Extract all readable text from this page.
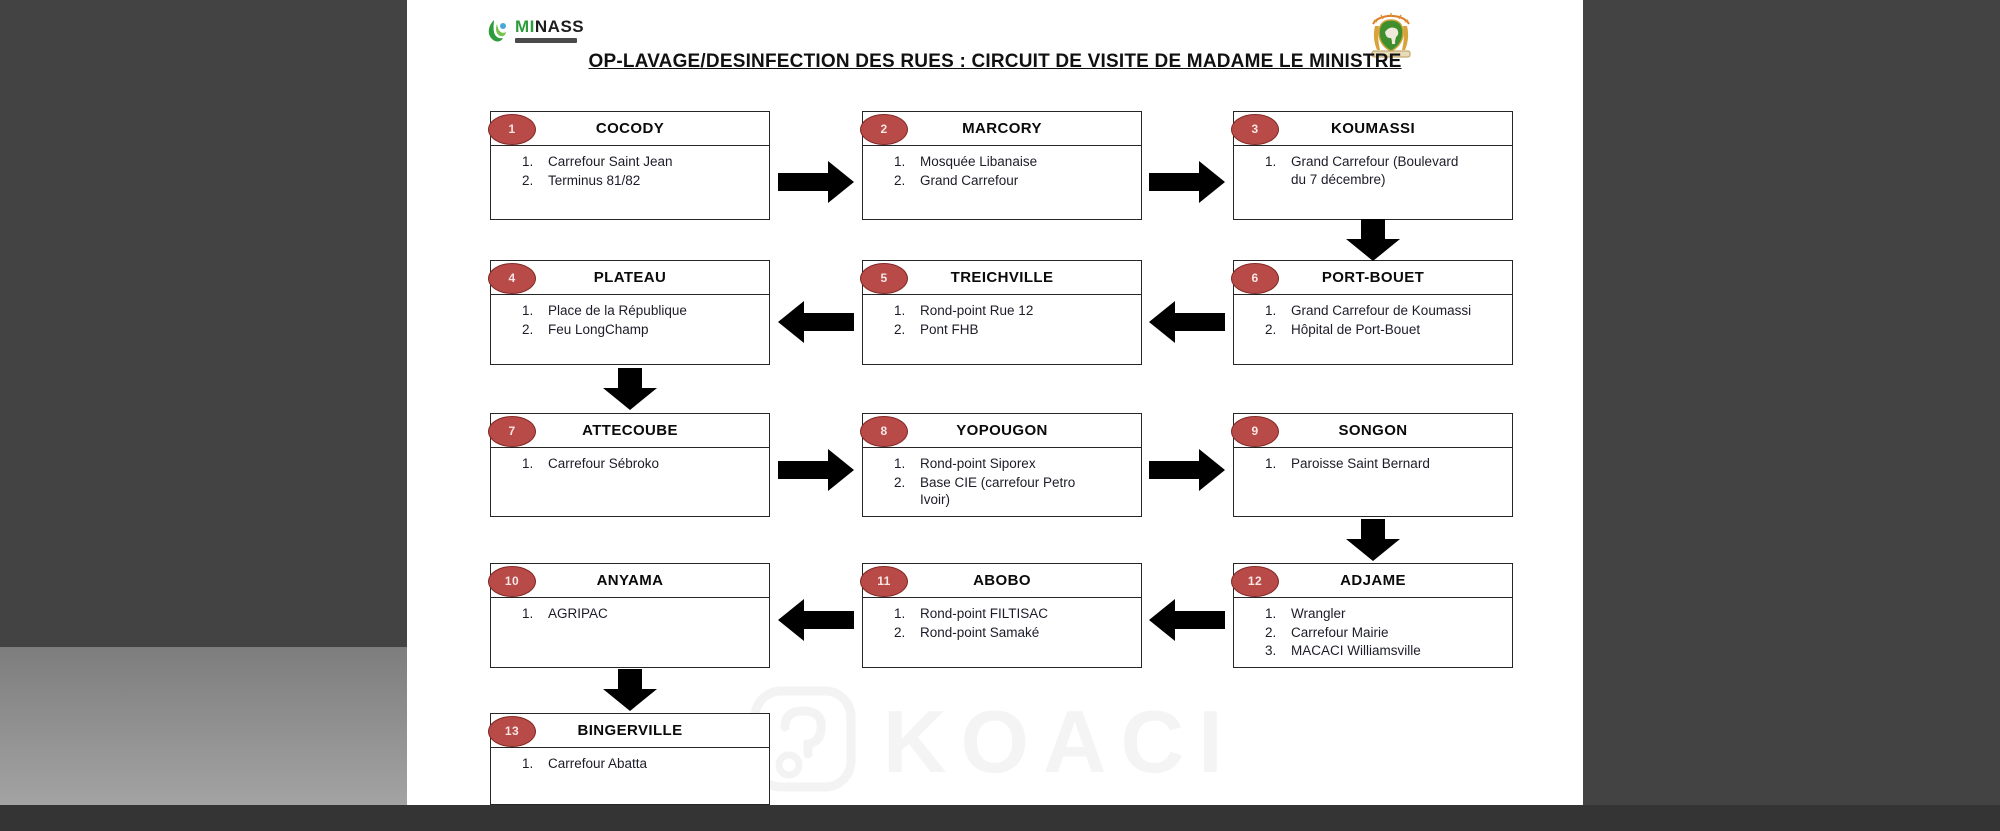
MINASS
OP-LAVAGE/DESINFECTION DES RUES : CIRCUIT DE VISITE DE MADAME LE MINISTRE
1	COCODY
Carrefour Saint Jean
Terminus 81/82
2	MARCORY
Mosquée Libanaise
Grand Carrefour
3	KOUMASSI
Grand Carrefour (Boulevard du 7 décembre)
4	PLATEAU
Place de la République
Feu LongChamp
5	TREICHVILLE
Rond-point Rue 12
Pont FHB
6	PORT-BOUET
Grand Carrefour de Koumassi
Hôpital de Port-Bouet
7	ATTECOUBE
Carrefour Sébroko
8	YOPOUGON
Rond-point Siporex
Base CIE (carrefour Petro Ivoir)
9	SONGON
Paroisse Saint Bernard
10	ANYAMA
AGRIPAC
11	ABOBO
Rond-point FILTISAC
Rond-point Samaké
12	ADJAME
Wrangler
Carrefour Mairie
MACACI Williamsville
13	BINGERVILLE
Carrefour Abatta	KOACI
